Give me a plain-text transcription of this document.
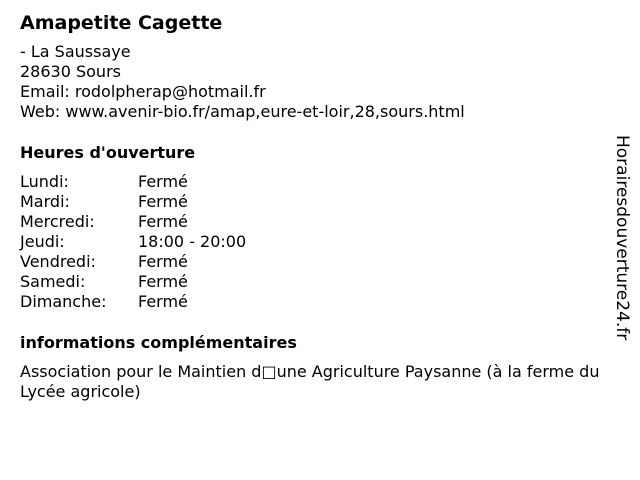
Amapetite Cagette
- La Saussaye
28630 Sours
Email: rodolpherap@hotmail.fr
Web: www.avenir-bio.fr/amap,eure-et-loir,28,sours.html
Heures d'ouverture
Lundi:	Fermé
Mardi:	Fermé
Mercredi:	Fermé
Jeudi:	18:00 - 20:00
Vendredi:	Fermé
Samedi:	Fermé
Dimanche:	Fermé
informations complémentaires
Association pour le Maintien d□une Agriculture Paysanne (à la ferme du Lycée agricole)
Horairesdouverture24.fr
